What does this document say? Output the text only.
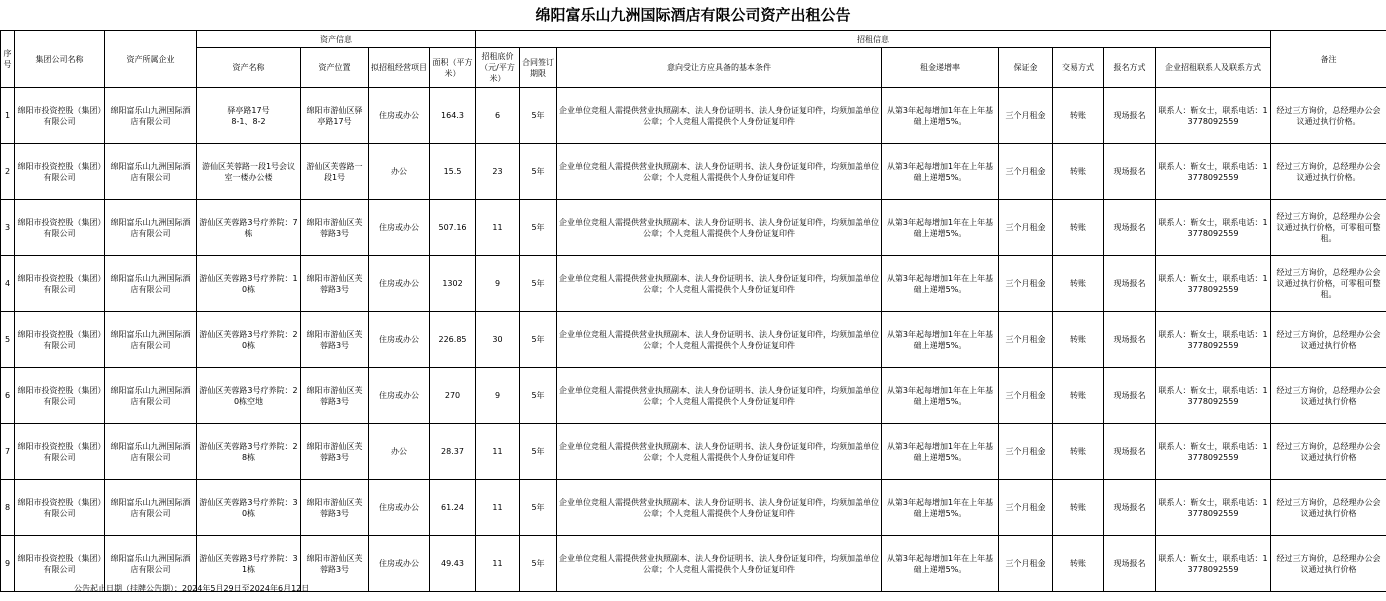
绵阳富乐山九洲国际酒店有限公司资产出租公告
序号	集团公司名称	资产所属企业	资产信息				招租信息								备注
			资产名称	资产位置	拟招租经营项目	面积（平方米）	招租底价（元/平方米）	合同签订期限	意向受让方应具备的基本条件	租金递增率	保证金	交易方式	报名方式	企业招租联系人及联系方式	
1	绵阳市投资控股（集团）有限公司	绵阳富乐山九洲国际酒店有限公司	驿亭路17号
8-1、8-2	绵阳市游仙区驿亭路17号	住房或办公	164.3	6	5年	企业单位竞租人需提供营业执照副本、法人身份证明书、法人身份证复印件，均须加盖单位公章；个人竞租人需提供个人身份证复印件	从第3年起每增加1年在上年基础上递增5%。	三个月租金	转账	现场报名	联系人：靳女士，联系电话：13778092559	经过三方询价，总经理办公会议通过执行价格。
2	绵阳市投资控股（集团）有限公司	绵阳富乐山九洲国际酒店有限公司	游仙区芙蓉路一段1号会议室一楼办公楼	游仙区芙蓉路一段1号	办公	15.5	23	5年	企业单位竞租人需提供营业执照副本、法人身份证明书、法人身份证复印件，均须加盖单位公章；个人竞租人需提供个人身份证复印件	从第3年起每增加1年在上年基础上递增5%。	三个月租金	转账	现场报名	联系人：靳女士，联系电话：13778092559	经过三方询价，总经理办公会议通过执行价格。
3	绵阳市投资控股（集团）有限公司	绵阳富乐山九洲国际酒店有限公司	游仙区芙蓉路3号疗养院：7栋	绵阳市游仙区芙蓉路3号	住房或办公	507.16	11	5年	企业单位竞租人需提供营业执照副本、法人身份证明书、法人身份证复印件，均须加盖单位公章；个人竞租人需提供个人身份证复印件	从第3年起每增加1年在上年基础上递增5%。	三个月租金	转账	现场报名	联系人：靳女士，联系电话：13778092559	经过三方询价，总经理办公会议通过执行价格，可零租可整租。
4	绵阳市投资控股（集团）有限公司	绵阳富乐山九洲国际酒店有限公司	游仙区芙蓉路3号疗养院：10栋	绵阳市游仙区芙蓉路3号	住房或办公	1302	9	5年	企业单位竞租人需提供营业执照副本、法人身份证明书、法人身份证复印件，均须加盖单位公章；个人竞租人需提供个人身份证复印件	从第3年起每增加1年在上年基础上递增5%。	三个月租金	转账	现场报名	联系人：靳女士，联系电话：13778092559	经过三方询价，总经理办公会议通过执行价格，可零租可整租。
5	绵阳市投资控股（集团）有限公司	绵阳富乐山九洲国际酒店有限公司	游仙区芙蓉路3号疗养院：20栋	绵阳市游仙区芙蓉路3号	住房或办公	226.85	30	5年	企业单位竞租人需提供营业执照副本、法人身份证明书、法人身份证复印件，均须加盖单位公章；个人竞租人需提供个人身份证复印件	从第3年起每增加1年在上年基础上递增5%。	三个月租金	转账	现场报名	联系人：靳女士，联系电话：13778092559	经过三方询价，总经理办公会议通过执行价格
6	绵阳市投资控股（集团）有限公司	绵阳富乐山九洲国际酒店有限公司	游仙区芙蓉路3号疗养院：20栋空地	绵阳市游仙区芙蓉路3号	住房或办公	270	9	5年	企业单位竞租人需提供营业执照副本、法人身份证明书、法人身份证复印件，均须加盖单位公章；个人竞租人需提供个人身份证复印件	从第3年起每增加1年在上年基础上递增5%。	三个月租金	转账	现场报名	联系人：靳女士，联系电话：13778092559	经过三方询价，总经理办公会议通过执行价格
7	绵阳市投资控股（集团）有限公司	绵阳富乐山九洲国际酒店有限公司	游仙区芙蓉路3号疗养院：28栋	绵阳市游仙区芙蓉路3号	办公	28.37	11	5年	企业单位竞租人需提供营业执照副本、法人身份证明书、法人身份证复印件，均须加盖单位公章；个人竞租人需提供个人身份证复印件	从第3年起每增加1年在上年基础上递增5%。	三个月租金	转账	现场报名	联系人：靳女士，联系电话：13778092559	经过三方询价，总经理办公会议通过执行价格
8	绵阳市投资控股（集团）有限公司	绵阳富乐山九洲国际酒店有限公司	游仙区芙蓉路3号疗养院：30栋	绵阳市游仙区芙蓉路3号	住房或办公	61.24	11	5年	企业单位竞租人需提供营业执照副本、法人身份证明书、法人身份证复印件，均须加盖单位公章；个人竞租人需提供个人身份证复印件	从第3年起每增加1年在上年基础上递增5%。	三个月租金	转账	现场报名	联系人：靳女士，联系电话：13778092559	经过三方询价，总经理办公会议通过执行价格
9	绵阳市投资控股（集团）有限公司	绵阳富乐山九洲国际酒店有限公司	游仙区芙蓉路3号疗养院：31栋	绵阳市游仙区芙蓉路3号	住房或办公	49.43	11	5年	企业单位竞租人需提供营业执照副本、法人身份证明书、法人身份证复印件，均须加盖单位公章；个人竞租人需提供个人身份证复印件	从第3年起每增加1年在上年基础上递增5%。	三个月租金	转账	现场报名	联系人：靳女士，联系电话：13778092559	经过三方询价，总经理办公会议通过执行价格
公告起止日期（挂牌公告期）：2024年5月29日至2024年6月12日
